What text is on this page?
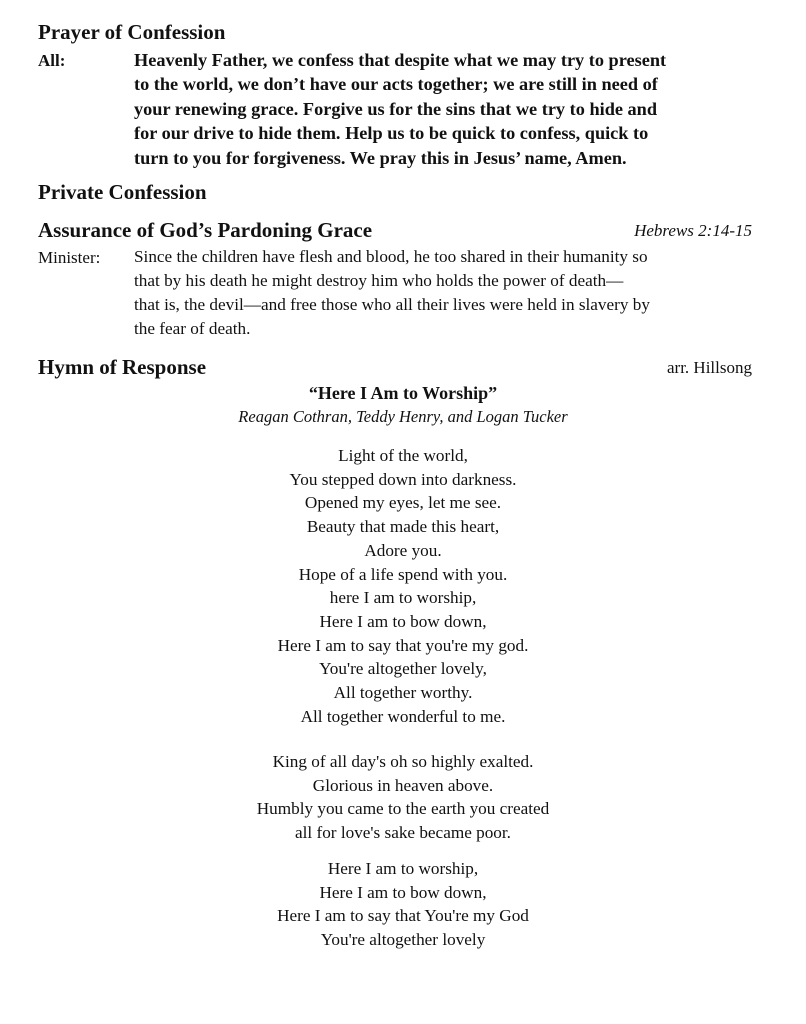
Prayer of Confession
All:	Heavenly Father, we confess that despite what we may try to present
to the world, we don’t have our acts together; we are still in need of
your renewing grace. Forgive us for the sins that we try to hide and
for our drive to hide them. Help us to be quick to confess, quick to
turn to you for forgiveness. We pray this in Jesus’ name, Amen.
Private Confession
Assurance of God’s Pardoning Grace	Hebrews 2:14-15
Minister: Since the children have flesh and blood, he too shared in their humanity so
that by his death he might destroy him who holds the power of death—
that is, the devil—and free those who all their lives were held in slavery by
the fear of death.
Hymn of Response	arr. Hillsong
“Here I Am to Worship”
Reagan Cothran, Teddy Henry, and Logan Tucker
Light of the world,
You stepped down into darkness.
Opened my eyes, let me see.
Beauty that made this heart,
Adore you.
Hope of a life spend with you.
here I am to worship,
Here I am to bow down,
Here I am to say that you're my god.
You're altogether lovely,
All together worthy.
All together wonderful to me.
King of all day's oh so highly exalted.
Glorious in heaven above.
Humbly you came to the earth you created
all for love's sake became poor.
Here I am to worship,
Here I am to bow down,
Here I am to say that You're my God
You're altogether lovely
